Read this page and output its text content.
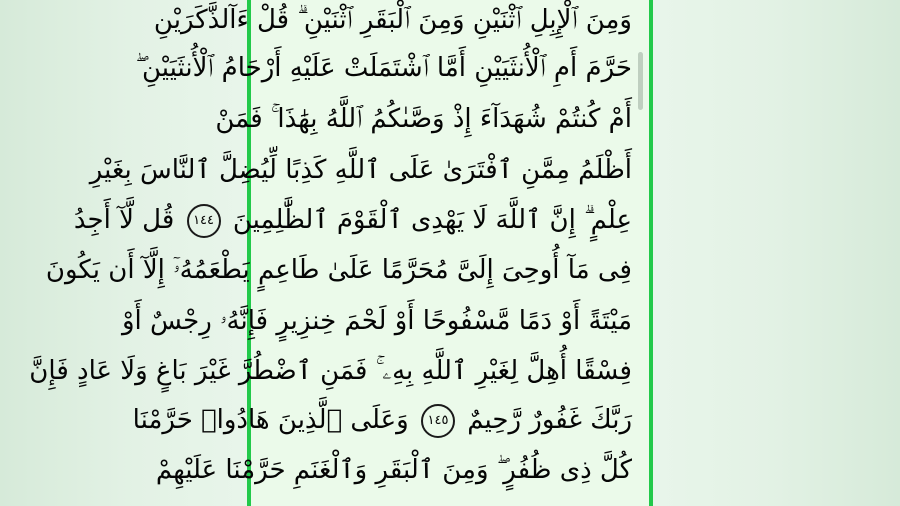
وَمِنَ ٱلْإِبِلِ ٱثْنَيْنِ وَمِنَ ٱلْبَقَرِ ٱثْنَيْنِ ۗ قُلْ ءَآلذَّكَرَيْنِ
حَرَّمَ أَمِ ٱلْأُنثَيَيْنِ أَمَّا ٱشْتَمَلَتْ عَلَيْهِ أَرْحَامُ ٱلْأُنثَيَيْنِ ۖ
أَمْ كُنتُمْ شُهَدَآءَ إِذْ وَصَّىٰكُمُ ٱللَّهُ بِهَٰذَا ۚ فَمَنْ
أَظْلَمُ مِمَّنِ ٱفْتَرَىٰ عَلَى ٱللَّهِ كَذِبًا لِّيُضِلَّ ٱلنَّاسَ بِغَيْرِ
عِلْمٍ ۗ إِنَّ ٱللَّهَ لَا يَهْدِى ٱلْقَوْمَ ٱلظَّٰلِمِينَ ١٤٤ قُل لَّآ أَجِدُ
فِى مَآ أُوحِىَ إِلَىَّ مُحَرَّمًا عَلَىٰ طَاعِمٍ يَطْعَمُهُۥٓ إِلَّآ أَن يَكُونَ
مَيْتَةً أَوْ دَمًا مَّسْفُوحًا أَوْ لَحْمَ خِنزِيرٍ فَإِنَّهُۥ رِجْسٌ أَوْ
فِسْقًا أُهِلَّ لِغَيْرِ ٱللَّهِ بِهِۦ ۚ فَمَنِ ٱضْطُرَّ غَيْرَ بَاغٍ وَلَا عَادٍ فَإِنَّ
رَبَّكَ غَفُورٌ رَّحِيمٌ ١٤٥ وَعَلَى ٱلَّذِينَ هَادُوا۟ حَرَّمْنَا
كُلَّ ذِى ظُفُرٍ ۖ وَمِنَ ٱلْبَقَرِ وَٱلْغَنَمِ حَرَّمْنَا عَلَيْهِمْ
